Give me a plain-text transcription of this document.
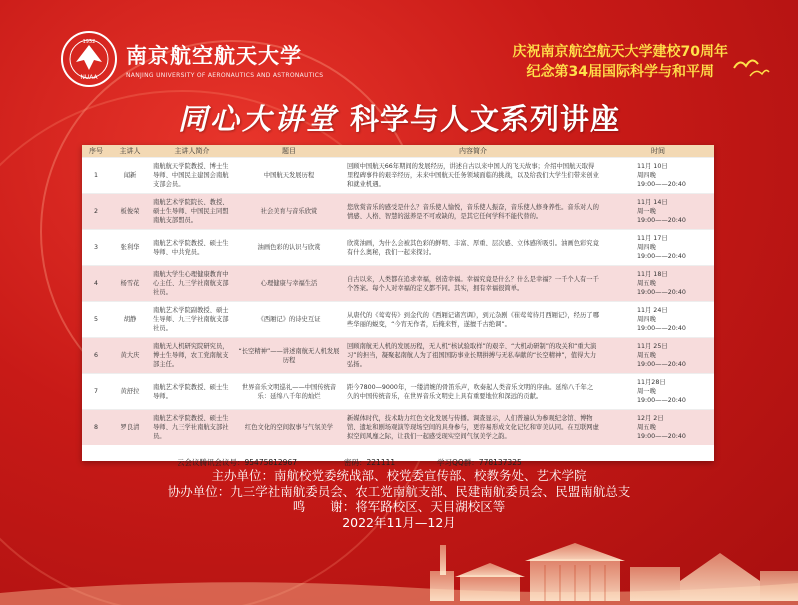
NUAA
1952
南京航空航天大学
NANJING UNIVERSITY OF AERONAUTICS AND ASTRONAUTICS
庆祝南京航空航天大学建校70周年
纪念第34届国际科学与和平周
同心大讲堂 科学与人文系列讲座
序号	主讲人	主讲人简介	题目	内容简介	时间
1	闻新	南航航天学院教授、博士生导师、中国民主建国会南航支部会员。	中国航天发展历程	回顾中国航天66年期间的发展经历，讲述自古以来中国人的飞天故事；介绍中国航天取得里程碑事件的艰辛经历，未来中国航天任务领域面临的挑战，以及给我们大学生们带来创业和就业机遇。	11月 10日
周四晚
19:00——20:40

2	板俊荣	南航艺术学院院长、教授、硕士生导师、中国民主同盟南航支部盟员。	社会美育与音乐欣赏	您欣赏音乐的感受是什么？音乐使人愉悦，音乐使人振奋，音乐使人修身养性。音乐对人的情感、人格、智慧的滋养是不可或缺的，是其它任何学科不能代替的。	11月 14日
周一晚
19:00——20:40

3	张利华	南航艺术学院教授、硕士生导师、中共党员。	油画色彩的认识与欣赏	欣赏油画，为什么会被其色彩的鲜明、丰富、厚重、层次感、立体感所吸引。油画色彩究竟有什么奥秘，我们一起来探讨。	11月 17日
周四晚
19:00——20:40

4	杨雪花	南航大学生心理健康教育中心主任、九三学社南航支部社员。	心理健康与幸福生活	自古以来，人类都在追求幸福，创造幸福。幸福究竟是什么？什么是幸福？一千个人有一千个答案。每个人对幸福的定义都不同。其实，拥有幸福很简单。	11月 18日
周五晚
19:00——20:40

5	胡静	南航艺术学院副教授、硕士生导师、九三学社南航支部社员。	《西厢记》的诗史互证	从唐代的《莺莺传》到金代的《西厢记诸宫调》，到元杂剧《崔莺莺待月西厢记》，经历了哪些华丽的蜕变，“今宵无作者，后掩来哲，遂擅千古绝调”。	11月 24日
周四晚
19:00——20:40

6	黄大庆	南航无人机研究院研究员，博士生导师，农工党南航支部主任。	“长空精神”——讲述南航无人机发展历程	回顾南航无人机的发展历程，无人机“核试验取样”的艰辛、“大机动研制”的攻关和“重大演习”的担当，凝聚起南航人为了祖国国防事业长期拼搏与无私奉献的“长空精神”，值得大力弘扬。	11月 25日
周五晚
19:00——20:40

7	黄舒拉	南航艺术学院教授、硕士生导师。	世界音乐文明巡礼——中国传统音乐：延绵八千年的灿烂	距今7800—9000年，一缕清婉的骨笛乐声，吹奏起人类音乐文明的序曲。延绵八千年之久的中国传统音乐，在世界音乐文明史上具有重要地位和深远的贡献。	11月28日
周一晚
19:00——20:40

8	罗良清	南航艺术学院教授、硕士生导师、九三学社南航支部社员。	红色文化的空间叙事与气氛美学	新媒体时代，技术助力红色文化发展与传播。调查显示，人们普遍认为参观纪念馆、博物馆、遗址和剧场观演等现场空间的具身参与，更容易形成文化记忆和审美认同。在互联网虚拟空间风靡之际，让我们一起感受现实空间气氛美学之韵。	12月 2日
周五晚
19:00——20:40
云会议腾讯会议号：95475812967	密码：221111	学习QQ群：778137325
主办单位：南航校党委统战部、校党委宣传部、校教务处、艺术学院
协办单位：九三学社南航委员会、农工党南航支部、民建南航委员会、民盟南航总支
鸣　　谢：将军路校区、天目湖校区等
2022年11月—12月
